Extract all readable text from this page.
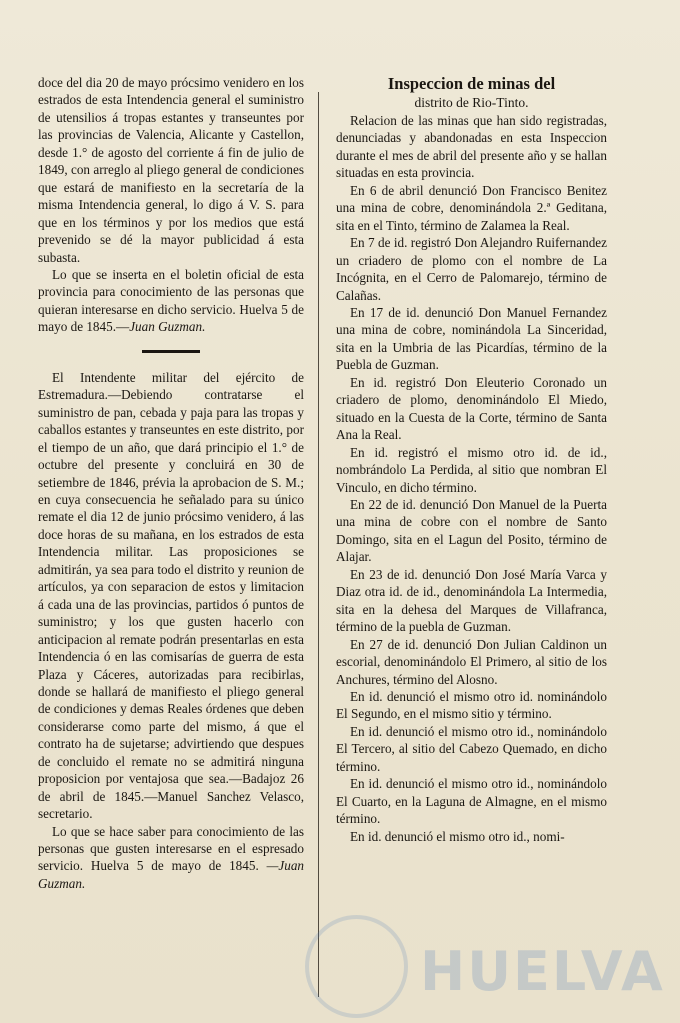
doce del dia 20 de mayo prócsimo venidero en los estrados de esta Intendencia general el suministro de utensilios á tropas estantes y transeuntes por las provincias de Valencia, Alicante y Castellon, desde 1.° de agosto del corriente á fin de julio de 1849, con arreglo al pliego general de condiciones que estará de manifiesto en la secretaría de la misma Intendencia general, lo digo á V. S. para que en los términos y por los medios que está prevenido se dé la mayor publicidad á esta subasta.

Lo que se inserta en el boletin oficial de esta provincia para conocimiento de las personas que quieran interesarse en dicho servicio. Huelva 5 de mayo de 1845.—Juan Guzman.

El Intendente militar del ejército de Estremadura.—Debiendo contratarse el suministro de pan, cebada y paja para las tropas y caballos estantes y transeuntes en este distrito, por el tiempo de un año, que dará principio el 1.° de octubre del presente y concluirá en 30 de setiembre de 1846, prévia la aprobacion de S. M.; en cuya consecuencia he señalado para su único remate el dia 12 de junio prócsimo venidero, á las doce horas de su mañana, en los estrados de esta Intendencia militar. Las proposiciones se admitirán, ya sea para todo el distrito y reunion de artículos, ya con separacion de estos y limitacion á cada una de las provincias, partidos ó puntos de suministro; y los que gusten hacerlo con anticipacion al remate podrán presentarlas en esta Intendencia ó en las comisarías de guerra de esta Plaza y Cáceres, autorizadas para recibirlas, donde se hallará de manifiesto el pliego general de condiciones y demas Reales órdenes que deben considerarse como parte del mismo, á que el contrato ha de sujetarse; advirtiendo que despues de concluido el remate no se admitirá ninguna proposicion por ventajosa que sea.—Badajoz 26 de abril de 1845.—Manuel Sanchez Velasco, secretario.

Lo que se hace saber para conocimiento de las personas que gusten interesarse en el espresado servicio. Huelva 5 de mayo de 1845. —Juan Guzman.

Inspeccion de minas del

distrito de Rio-Tinto.

Relacion de las minas que han sido registradas, denunciadas y abandonadas en esta Inspeccion durante el mes de abril del presente año y se hallan situadas en esta provincia.

En 6 de abril denunció Don Francisco Benitez una mina de cobre, denominándola 2.ª Geditana, sita en el Tinto, término de Zalamea la Real.

En 7 de id. registró Don Alejandro Ruifernandez un criadero de plomo con el nombre de La Incógnita, en el Cerro de Palomarejo, término de Calañas.

En 17 de id. denunció Don Manuel Fernandez una mina de cobre, nominándola La Sinceridad, sita en la Umbria de las Picardías, término de la Puebla de Guzman.

En id. registró Don Eleuterio Coronado un criadero de plomo, denominándolo El Miedo, situado en la Cuesta de la Corte, término de Santa Ana la Real.

En id. registró el mismo otro id. de id., nombrándolo La Perdida, al sitio que nombran El Vinculo, en dicho término.

En 22 de id. denunció Don Manuel de la Puerta una mina de cobre con el nombre de Santo Domingo, sita en el Lagun del Posito, término de Alajar.

En 23 de id. denunció Don José María Varca y Diaz otra id. de id., denominándola La Intermedia, sita en la dehesa del Marques de Villafranca, término de la puebla de Guzman.

En 27 de id. denunció Don Julian Caldinon un escorial, denominándolo El Primero, al sitio de los Anchures, término del Alosno.

En id. denunció el mismo otro id. nominándolo El Segundo, en el mismo sitio y término.

En id. denunció el mismo otro id., nominándolo El Tercero, al sitio del Cabezo Quemado, en dicho término.

En id. denunció el mismo otro id., nominándolo El Cuarto, en la Laguna de Almagne, en el mismo término.

En id. denunció el mismo otro id., nomi-

HUELVA
